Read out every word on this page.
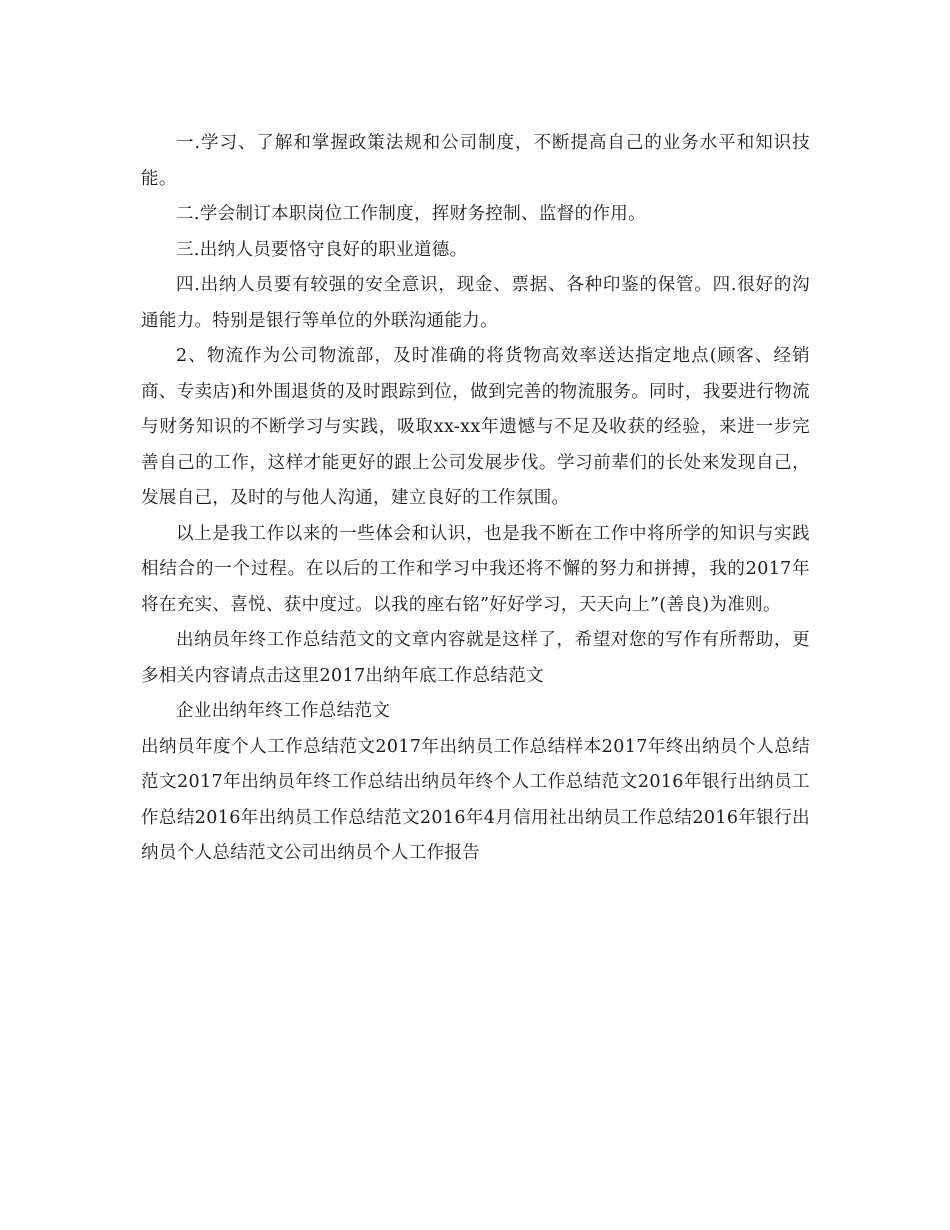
一.学习、了解和掌握政策法规和公司制度，不断提高自己的业务水平和知识技能。

二.学会制订本职岗位工作制度，挥财务控制、监督的作用。

三.出纳人员要恪守良好的职业道德。

四.出纳人员要有较强的安全意识，现金、票据、各种印鉴的保管。四.很好的沟通能力。特别是银行等单位的外联沟通能力。

2、物流作为公司物流部，及时准确的将货物高效率送达指定地点(顾客、经销商、专卖店)和外围退货的及时跟踪到位，做到完善的物流服务。同时，我要进行物流与财务知识的不断学习与实践，吸取xx-xx年遗憾与不足及收获的经验，来进一步完善自己的工作，这样才能更好的跟上公司发展步伐。学习前辈们的长处来发现自己，发展自己，及时的与他人沟通，建立良好的工作氛围。

以上是我工作以来的一些体会和认识，也是我不断在工作中将所学的知识与实践相结合的一个过程。在以后的工作和学习中我还将不懈的努力和拼搏，我的2017年将在充实、喜悦、获中度过。以我的座右铭”好好学习，天天向上”(善良)为准则。

出纳员年终工作总结范文的文章内容就是这样了，希望对您的写作有所帮助，更多相关内容请点击这里2017出纳年底工作总结范文

企业出纳年终工作总结范文

出纳员年度个人工作总结范文2017年出纳员工作总结样本2017年终出纳员个人总结范文2017年出纳员年终工作总结出纳员年终个人工作总结范文2016年银行出纳员工作总结2016年出纳员工作总结范文2016年4月信用社出纳员工作总结2016年银行出纳员个人总结范文公司出纳员个人工作报告
